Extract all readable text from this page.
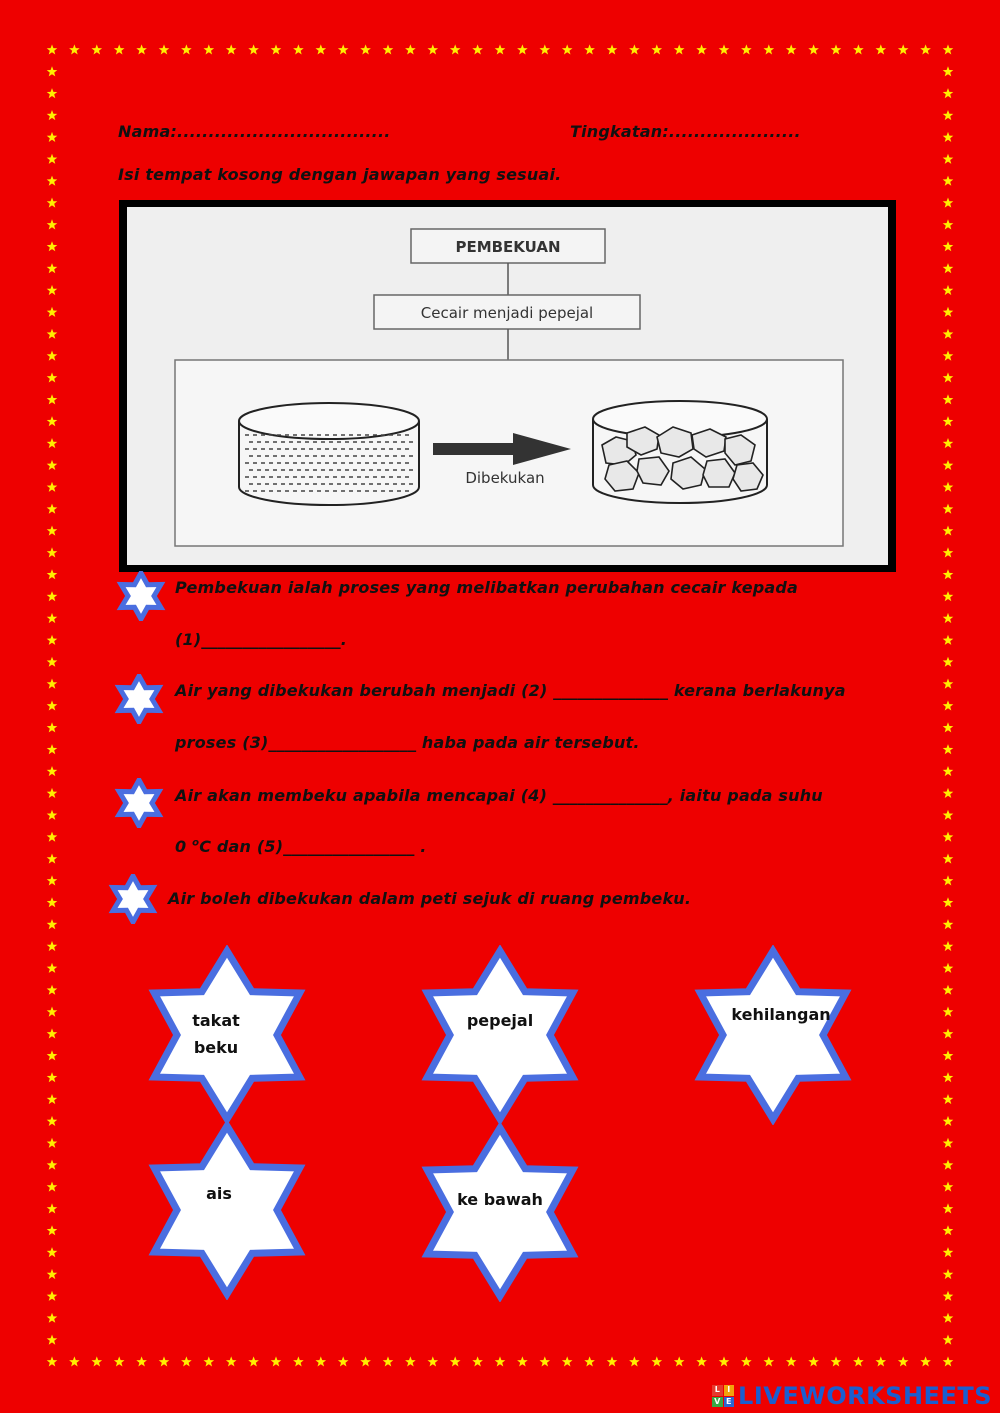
Nama:..................................	Tingkatan:.....................
Isi tempat kosong dengan jawapan yang sesuai.
PEMBEKUAN
Cecair menjadi pepejal
Dibekukan
Pembekuan ialah proses yang melibatkan perubahan cecair kepada
(1)_________________.
Air yang dibekukan berubah menjadi (2) ______________ kerana berlakunya
proses (3)__________________ haba pada air tersebut.
Air akan membeku apabila mencapai (4) ______________, iaitu pada suhu
0 $^o$C dan (5)________________ .
Air boleh dibekukan dalam peti sejuk di ruang pembeku.
takat
beku
pepejal	kehilangan
ais	ke bawah
L I
V E LIVEWORKSHEETS
